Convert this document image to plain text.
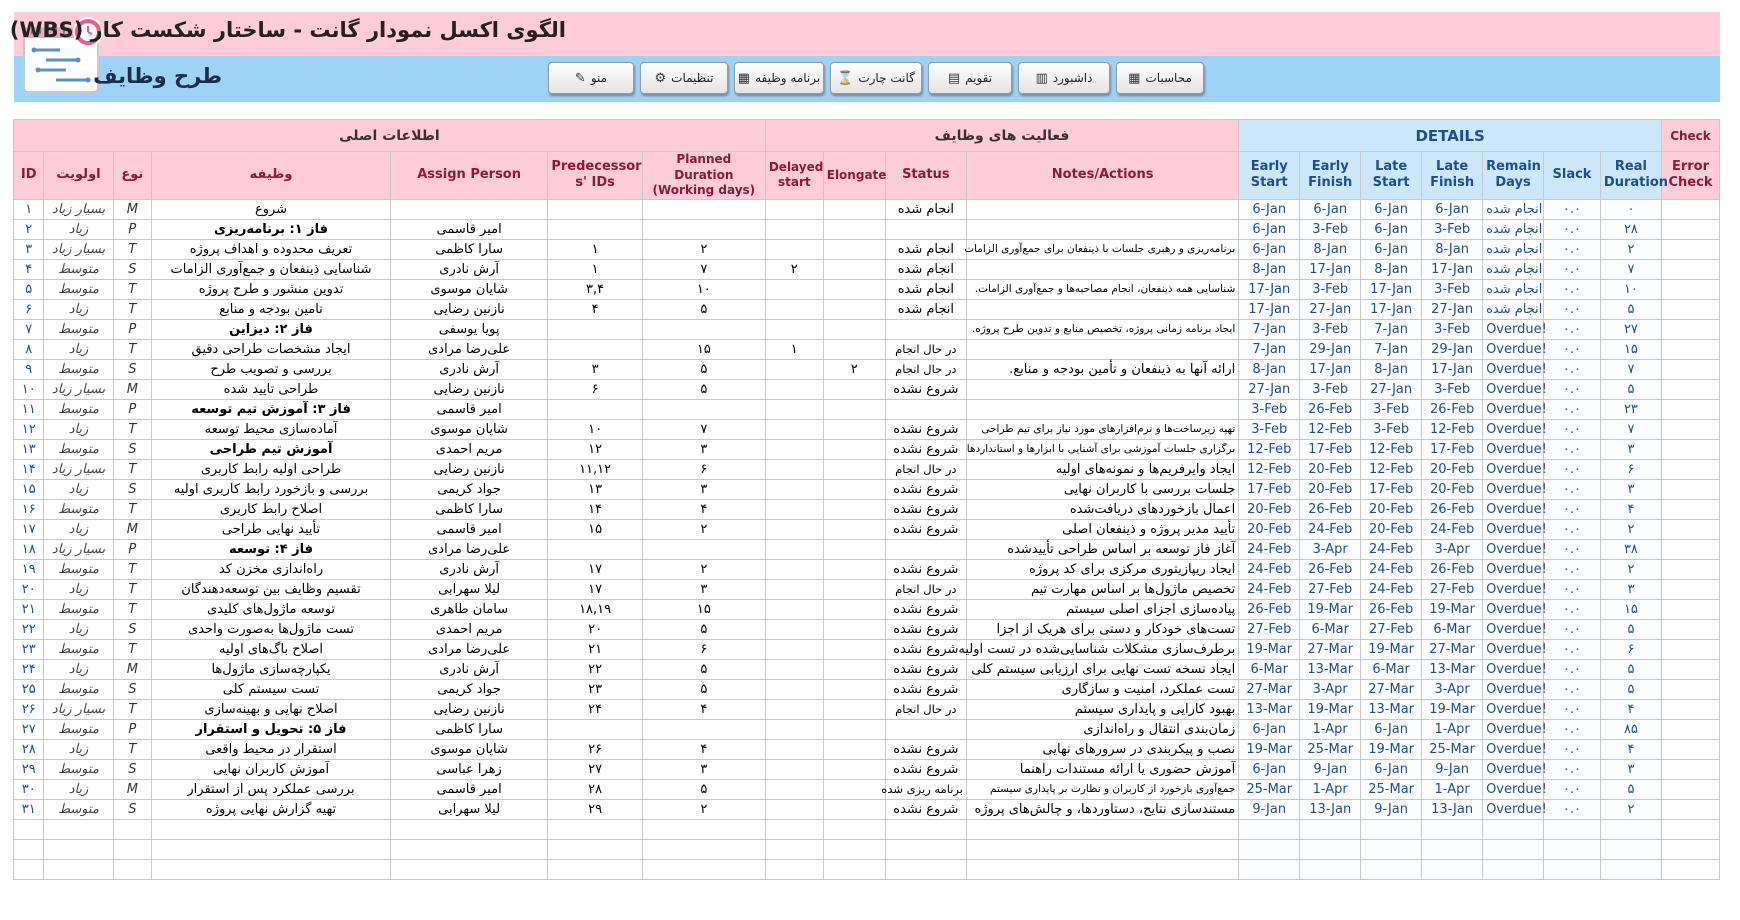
الگوی اکسل نمودار گانت - ساختار شکست کار (WBS)
طرح وظایف	▦ محاسبات
▥ داشبورد
▤ تقویم
⌛ گانت چارت
▦ برنامه وظیفه
⚙ تنظیمات
✎ منو
اطلاعات اصلی							فعالیت های وظایف				DETAILS							Check
ID	اولویت	نوع	وظیفه	Assign Person	Predecessor s' IDs	Planned Duration (Working days)	Delayed start	Elongate	Status	Notes/Actions	Early Start	Early Finish	Late Start	Late Finish	Remain Days	Slack	Real Duration	Error Check
۱	بسیار زیاد	M	شروع						انجام شده		6-Jan	6-Jan	6-Jan	6-Jan	انجام شده	۰.۰	۰	
۲	زیاد	P	فاز ۱: برنامه‌ریزی	امیر قاسمی							6-Jan	3-Feb	6-Jan	3-Feb	انجام شده	۰.۰	۲۸	
۳	بسیار زیاد	T	تعریف محدوده و اهداف پروژه	سارا کاظمی	۱	۲			انجام شده	برنامه‌ریزی و رهبری جلسات با ذینفعان برای جمع‌آوری الزامات	6-Jan	8-Jan	6-Jan	8-Jan	انجام شده	۰.۰	۲	
۴	متوسط	S	شناسایی ذینفعان و جمع‌آوری الزامات	آرش نادری	۱	۷	۲		انجام شده		8-Jan	17-Jan	8-Jan	17-Jan	انجام شده	۰.۰	۷	
۵	متوسط	T	تدوین منشور و طرح پروژه	شایان موسوی	۳,۴	۱۰			انجام شده	شناسایی همه ذینفعان، انجام مصاحبه‌ها و جمع‌آوری الزامات.	17-Jan	3-Feb	17-Jan	3-Feb	انجام شده	۰.۰	۱۰	
۶	زیاد	T	تامین بودجه و منابع	نازنین رضایی	۴	۵			انجام شده		17-Jan	27-Jan	17-Jan	27-Jan	انجام شده	۰.۰	۵	
۷	متوسط	P	فاز ۲: دیزاین	پویا یوسفی						ایجاد برنامه زمانی پروژه، تخصیص منابع و تدوین طرح پروژه.	7-Jan	3-Feb	7-Jan	3-Feb	Overdue!	۰.۰	۲۷	
۸	زیاد	T	ایجاد مشخصات طراحی دقیق	علی‌رضا مرادی		۱۵	۱		در حال انجام		7-Jan	29-Jan	7-Jan	29-Jan	Overdue!	۰.۰	۱۵	
۹	متوسط	S	بررسی و تصویب طرح	آرش نادری	۳	۵		۲	در حال انجام	ارائه آنها به ذینفعان و تأمین بودجه و منابع.	8-Jan	17-Jan	8-Jan	17-Jan	Overdue!	۰.۰	۷	
۱۰	بسیار زیاد	M	طراحی تایید شده	نازنین رضایی	۶	۵			شروع نشده		27-Jan	3-Feb	27-Jan	3-Feb	Overdue!	۰.۰	۵	
۱۱	متوسط	P	فاز ۳: آموزش تیم توسعه	امیر قاسمی							3-Feb	26-Feb	3-Feb	26-Feb	Overdue!	۰.۰	۲۳	
۱۲	زیاد	T	آماده‌سازی محیط توسعه	شایان موسوی	۱۰	۷			شروع نشده	تهیه زیرساخت‌ها و نرم‌افزارهای مورد نیاز برای تیم طراحی	3-Feb	12-Feb	3-Feb	12-Feb	Overdue!	۰.۰	۷	
۱۳	متوسط	S	آموزش تیم طراحی	مریم احمدی	۱۲	۳			شروع نشده	برگزاری جلسات آموزشی برای آشنایی با ابزارها و استانداردها	12-Feb	17-Feb	12-Feb	17-Feb	Overdue!	۰.۰	۳	
۱۴	بسیار زیاد	T	طراحی اولیه رابط کاربری	نازنین رضایی	۱۱,۱۲	۶			در حال انجام	ایجاد وایرفریم‌ها و نمونه‌های اولیه	12-Feb	20-Feb	12-Feb	20-Feb	Overdue!	۰.۰	۶	
۱۵	زیاد	S	بررسی و بازخورد رابط کاربری اولیه	جواد کریمی	۱۳	۳			شروع نشده	جلسات بررسی با کاربران نهایی	17-Feb	20-Feb	17-Feb	20-Feb	Overdue!	۰.۰	۳	
۱۶	متوسط	T	اصلاح رابط کاربری	سارا کاظمی	۱۴	۴			شروع نشده	اعمال بازخوردهای دریافت‌شده	20-Feb	26-Feb	20-Feb	26-Feb	Overdue!	۰.۰	۴	
۱۷	زیاد	M	تأیید نهایی طراحی	امیر قاسمی	۱۵	۲			شروع نشده	تأیید مدیر پروژه و ذینفعان اصلی	20-Feb	24-Feb	20-Feb	24-Feb	Overdue!	۰.۰	۲	
۱۸	بسیار زیاد	P	فاز ۴: توسعه	علی‌رضا مرادی						آغاز فاز توسعه بر اساس طراحی تأییدشده	24-Feb	3-Apr	24-Feb	3-Apr	Overdue!	۰.۰	۳۸	
۱۹	متوسط	T	راه‌اندازی مخزن کد	آرش نادری	۱۷	۲			شروع نشده	ایجاد ریپازیتوری مرکزی برای کد پروژه	24-Feb	26-Feb	24-Feb	26-Feb	Overdue!	۰.۰	۲	
۲۰	زیاد	T	تقسیم وظایف بین توسعه‌دهندگان	لیلا سهرابی	۱۷	۳			در حال انجام	تخصیص ماژول‌ها بر اساس مهارت تیم	24-Feb	27-Feb	24-Feb	27-Feb	Overdue!	۰.۰	۳	
۲۱	متوسط	T	توسعه ماژول‌های کلیدی	سامان طاهری	۱۸,۱۹	۱۵			شروع نشده	پیاده‌سازی اجزای اصلی سیستم	26-Feb	19-Mar	26-Feb	19-Mar	Overdue!	۰.۰	۱۵	
۲۲	زیاد	S	تست ماژول‌ها به‌صورت واحدی	مریم احمدی	۲۰	۵			شروع نشده	تست‌های خودکار و دستی برای هریک از اجزا	27-Feb	6-Mar	27-Feb	6-Mar	Overdue!	۰.۰	۵	
۲۳	متوسط	T	اصلاح باگ‌های اولیه	علی‌رضا مرادی	۲۱	۶			شروع نشده	برطرف‌سازی مشکلات شناسایی‌شده در تست اولیه	19-Mar	27-Mar	19-Mar	27-Mar	Overdue!	۰.۰	۶	
۲۴	زیاد	M	یکپارچه‌سازی ماژول‌ها	آرش نادری	۲۲	۵			شروع نشده	ایجاد نسخه تست نهایی برای ارزیابی سیستم کلی	6-Mar	13-Mar	6-Mar	13-Mar	Overdue!	۰.۰	۵	
۲۵	متوسط	S	تست سیستم کلی	جواد کریمی	۲۳	۵			شروع نشده	تست عملکرد، امنیت و سازگاری	27-Mar	3-Apr	27-Mar	3-Apr	Overdue!	۰.۰	۵	
۲۶	بسیار زیاد	T	اصلاح نهایی و بهینه‌سازی	نازنین رضایی	۲۴	۴			در حال انجام	بهبود کارایی و پایداری سیستم	13-Mar	19-Mar	13-Mar	19-Mar	Overdue!	۰.۰	۴	
۲۷	متوسط	P	فاز ۵: تحویل و استقرار	سارا کاظمی						زمان‌بندی انتقال و راه‌اندازی	6-Jan	1-Apr	6-Jan	1-Apr	Overdue!	۰.۰	۸۵	
۲۸	زیاد	T	استقرار در محیط واقعی	شایان موسوی	۲۶	۴			شروع نشده	نصب و پیکربندی در سرورهای نهایی	19-Mar	25-Mar	19-Mar	25-Mar	Overdue!	۰.۰	۴	
۲۹	متوسط	S	آموزش کاربران نهایی	زهرا عباسی	۲۷	۳			شروع نشده	آموزش حضوری یا ارائه مستندات راهنما	6-Jan	9-Jan	6-Jan	9-Jan	Overdue!	۰.۰	۳	
۳۰	زیاد	M	بررسی عملکرد پس از استقرار	امیر قاسمی	۲۸	۵			برنامه ریزی شده	جمع‌آوری بازخورد از کاربران و نظارت بر پایداری سیستم	25-Mar	1-Apr	25-Mar	1-Apr	Overdue!	۰.۰	۵	
۳۱	متوسط	S	تهیه گزارش نهایی پروژه	لیلا سهرابی	۲۹	۲			شروع نشده	مستندسازی نتایج، دستاوردها، و چالش‌های پروژه	9-Jan	13-Jan	9-Jan	13-Jan	Overdue!	۰.۰	۲	
